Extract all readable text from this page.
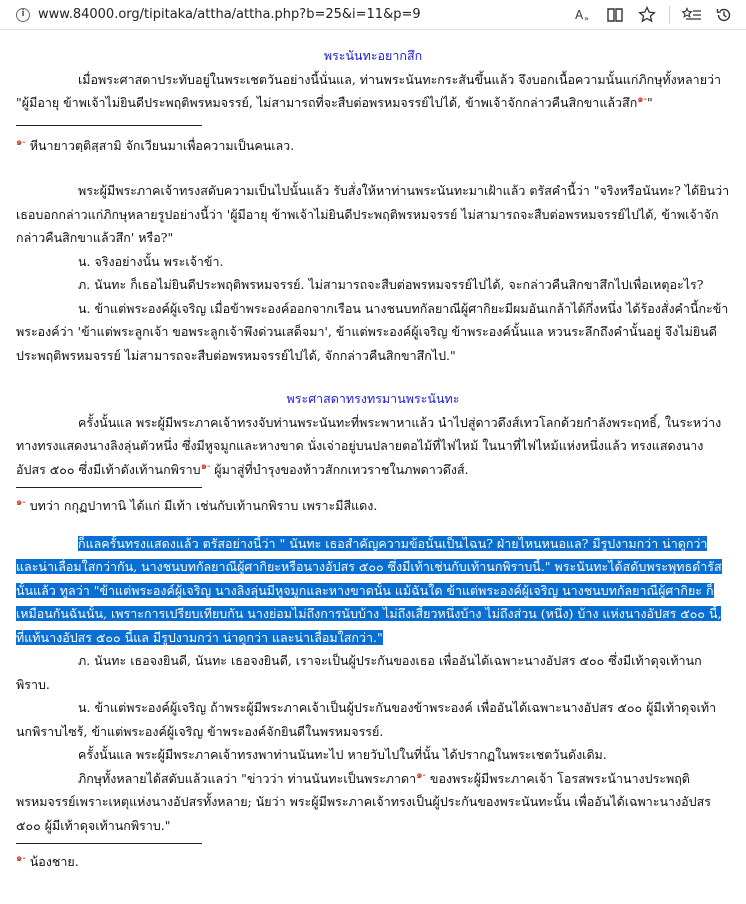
i	www.84000.org/tipitaka/attha/attha.php?b=25&i=11&p=9	A »

พระนันทะอยากสึก

เมื่อพระศาสดาประทับอยู่ในพระเชตวันอย่างนี้นั่นแล, ท่านพระนันทะกระสันขึ้นแล้ว จึงบอกเนื้อความนั้นแก่ภิกษุทั้งหลายว่า "ผู้มีอายุ ข้าพเจ้าไม่ยินดีประพฤติพรหมจรรย์, ไม่สามารถที่จะสืบต่อพรหมจรรย์ไปได้, ข้าพเจ้าจักกล่าวคืนสิกขาแล้วสึก$^{๑-}$"

$^{๑-}$ หีนายาวตฺติสฺสามิ จักเวียนมาเพื่อความเป็นคนเลว.

พระผู้มีพระภาคเจ้าทรงสดับความเป็นไปนั้นแล้ว รับสั่งให้หาท่านพระนันทะมาเฝ้าแล้ว ตรัสคำนี้ว่า "จริงหรือนันทะ? ได้ยินว่า เธอบอกกล่าวแก่ภิกษุหลายรูปอย่างนี้ว่า 'ผู้มีอายุ ข้าพเจ้าไม่ยินดีประพฤติพรหมจรรย์ ไม่สามารถจะสืบต่อพรหมจรรย์ไปได้, ข้าพเจ้าจักกล่าวคืนสิกขาแล้วสึก' หรือ?"

น. จริงอย่างนั้น พระเจ้าข้า.

ภ. นันทะ ก็เธอไม่ยินดีประพฤติพรหมจรรย์. ไม่สามารถจะสืบต่อพรหมจรรย์ไปได้, จะกล่าวคืนสิกขาสึกไปเพื่อเหตุอะไร?

น. ข้าแต่พระองค์ผู้เจริญ เมื่อข้าพระองค์ออกจากเรือน นางชนบทกัลยาณีผู้ศากิยะมีผมอันเกล้าได้กึ่งหนึ่ง ได้ร้องสั่งคำนี้กะข้าพระองค์ว่า 'ข้าแต่พระลูกเจ้า ขอพระลูกเจ้าพึงด่วนเสด็จมา', ข้าแต่พระองค์ผู้เจริญ ข้าพระองค์นั้นแล หวนระลึกถึงคำนั้นอยู่ จึงไม่ยินดีประพฤติพรหมจรรย์ ไม่สามารถจะสืบต่อพรหมจรรย์ไปได้, จักกล่าวคืนสิกขาสึกไป."

พระศาสดาทรงทรมานพระนันทะ

ครั้งนั้นแล พระผู้มีพระภาคเจ้าทรงจับท่านพระนันทะที่พระพาหาแล้ว นำไปสู่ดาวดึงส์เทวโลกด้วยกำลังพระฤทธิ์, ในระหว่างทางทรงแสดงนางลิงลุ่นตัวหนึ่ง ซึ่งมีหูจมูกและหางขาด นั่งเจ่าอยู่บนปลายตอไม้ที่ไฟไหม้ ในนาที่ไฟไหม้แห่งหนึ่งแล้ว ทรงแสดงนางอัปสร ๕๐๐ ซึ่งมีเท้าดังเท้านกพิราบ$^{๑-}$ ผู้มาสู่ที่บำรุงของท้าวสักกเทวราชในภพดาวดึงส์.

$^{๑-}$ บทว่า กกุฏปาทานิ ได้แก่ มีเท้า เช่นกับเท้านกพิราบ เพราะมีสีแดง.

ก็แลครั้นทรงแสดงแล้ว ตรัสอย่างนี้ว่า " นันทะ เธอสำคัญความข้อนั้นเป็นไฉน? ฝ่ายไหนหนอแล? มีรูปงามกว่า น่าดูกว่า และน่าเลื่อมใสกว่ากัน, นางชนบทกัลยาณีผู้ศากิยะหรือนางอัปสร ๕๐๐ ซึ่งมีเท้าเช่นกับเท้านกพิราบนี้." พระนันทะได้สดับพระพุทธดำรัสนั้นแล้ว ทูลว่า "ข้าแต่พระองค์ผู้เจริญ นางลิงลุ่นมีหูจมูกและหางขาดนั้น แม้ฉันใด ข้าแต่พระองค์ผู้เจริญ นางชนบทกัลยาณีผู้ศากิยะ ก็เหมือนกันฉันนั้น, เพราะการเปรียบเทียบกัน นางย่อมไม่ถึงการนับบ้าง ไม่ถึงเสี้ยวหนึ่งบ้าง ไม่ถึงส่วน (หนึ่ง) บ้าง แห่งนางอัปสร ๕๐๐ นี้, ที่แท้นางอัปสร ๕๐๐ นี้แล มีรูปงามกว่า น่าดูกว่า และน่าเลื่อมใสกว่า."

ภ. นันทะ เธอจงยินดี, นันทะ เธอจงยินดี, เราจะเป็นผู้ประกันของเธอ เพื่ออันได้เฉพาะนางอัปสร ๕๐๐ ซึ่งมีเท้าดุจเท้านกพิราบ.

น. ข้าแต่พระองค์ผู้เจริญ ถ้าพระผู้มีพระภาคเจ้าเป็นผู้ประกันของข้าพระองค์ เพื่ออันได้เฉพาะนางอัปสร ๕๐๐ ผู้มีเท้าดุจเท้านกพิราบไซร้, ข้าแต่พระองค์ผู้เจริญ ข้าพระองค์จักยินดีในพรหมจรรย์.

ครั้งนั้นแล พระผู้มีพระภาคเจ้าทรงพาท่านนันทะไป หายวับไปในที่นั้น ได้ปรากฏในพระเชตวันดังเดิม.

ภิกษุทั้งหลายได้สดับแล้วแลว่า "ข่าวว่า ท่านนันทะเป็นพระภาดา$^{๑-}$ ของพระผู้มีพระภาคเจ้า โอรสพระน้านางประพฤติพรหมจรรย์เพราะเหตุแห่งนางอัปสรทั้งหลาย; นัยว่า พระผู้มีพระภาคเจ้าทรงเป็นผู้ประกันของพระนันทะนั้น เพื่ออันได้เฉพาะนางอัปสร ๕๐๐ ผู้มีเท้าดุจเท้านกพิราบ."

$^{๑-}$ น้องชาย.
